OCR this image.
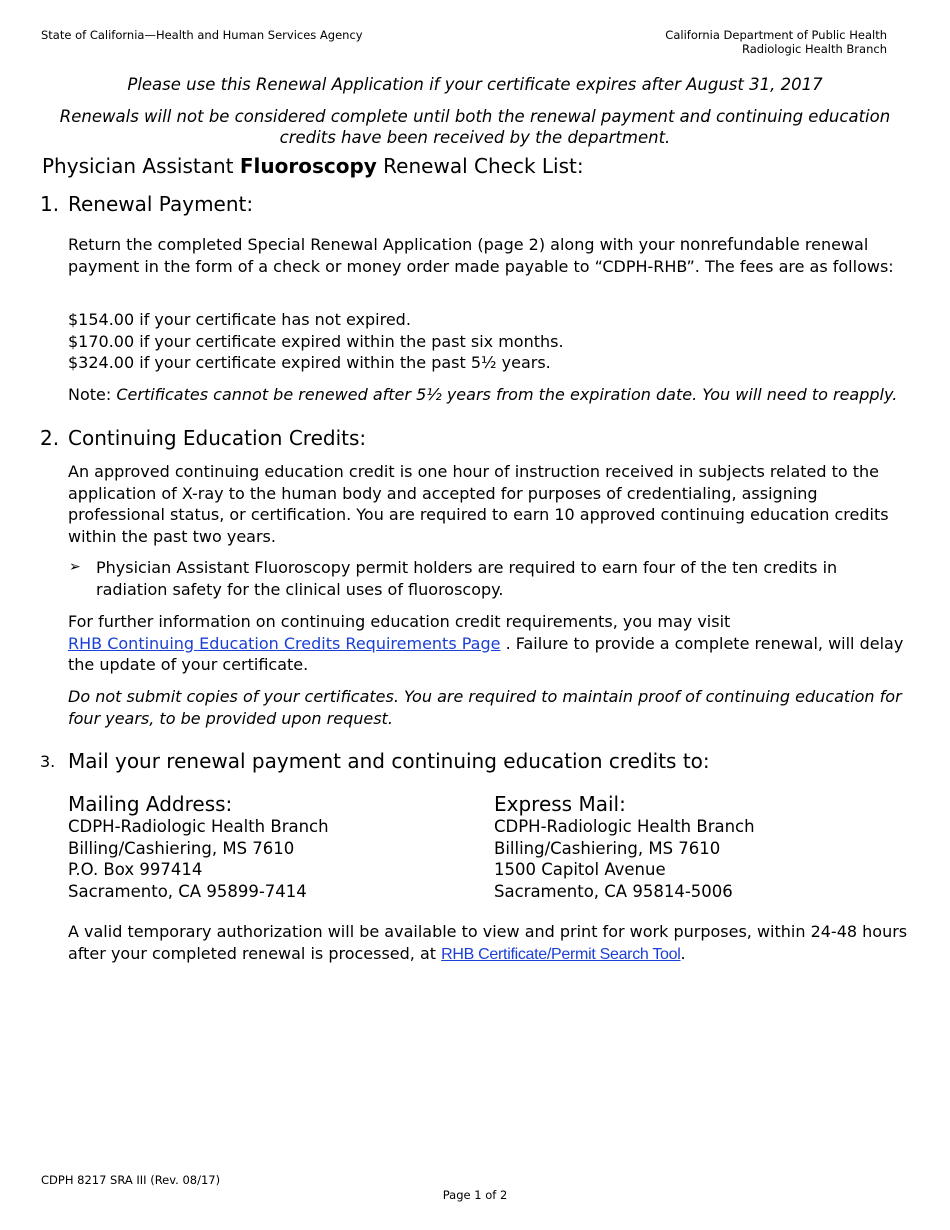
State of California—Health and Human Services Agency	California Department of Public Health
Radiologic Health Branch
Please use this Renewal Application if your certificate expires after August 31, 2017
Renewals will not be considered complete until both the renewal payment and continuing education
credits have been received by the department.
Physician Assistant Fluoroscopy Renewal Check List:
1. Renewal Payment:
Return the completed Special Renewal Application (page 2) along with your nonrefundable renewal payment in the form of a check or money order made payable to “CDPH-RHB”. The fees are as follows:
$154.00 if your certificate has not expired.
$170.00 if your certificate expired within the past six months.
$324.00 if your certificate expired within the past 5½ years.
Note: Certificates cannot be renewed after 5½ years from the expiration date. You will need to reapply.
2. Continuing Education Credits:
An approved continuing education credit is one hour of instruction received in subjects related to the application of X-ray to the human body and accepted for purposes of credentialing, assigning professional status, or certification. You are required to earn 10 approved continuing education credits within the past two years.
➢ Physician Assistant Fluoroscopy permit holders are required to earn four of the ten credits in radiation safety for the clinical uses of fluoroscopy.
For further information on continuing education credit requirements, you may visit
RHB Continuing Education Credits Requirements Page . Failure to provide a complete renewal, will delay the update of your certificate.
Do not submit copies of your certificates. You are required to maintain proof of continuing education for four years, to be provided upon request.
3. Mail your renewal payment and continuing education credits to:
Mailing Address:
CDPH-Radiologic Health Branch
Billing/Cashiering, MS 7610
P.O. Box 997414
Sacramento, CA 95899-7414
Express Mail:
CDPH-Radiologic Health Branch
Billing/Cashiering, MS 7610
1500 Capitol Avenue
Sacramento, CA 95814-5006
A valid temporary authorization will be available to view and print for work purposes, within 24-48 hours after your completed renewal is processed, at RHB Certificate/Permit Search Tool.
CDPH 8217 SRA III (Rev. 08/17)
Page 1 of 2
